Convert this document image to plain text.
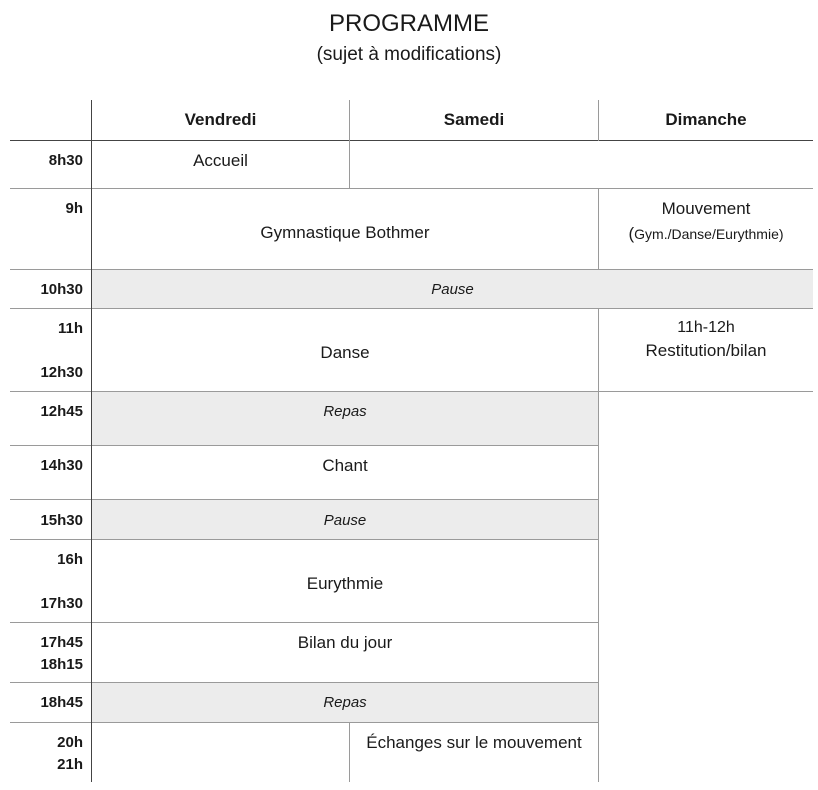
PROGRAMME
(sujet à modifications)
Vendredi	Samedi	Dimanche
8h30
9h
10h30
11h
12h30
12h45
14h30
15h30
16h
17h30
17h45
18h15
18h45
20h
21h
Accueil
Gymnastique Bothmer
Mouvement
(Gym./Danse/Eurythmie)
Pause
Danse
11h-12h
Restitution/bilan
Repas
Chant
Pause
Eurythmie
Bilan du jour
Repas
Échanges sur le mouvement
